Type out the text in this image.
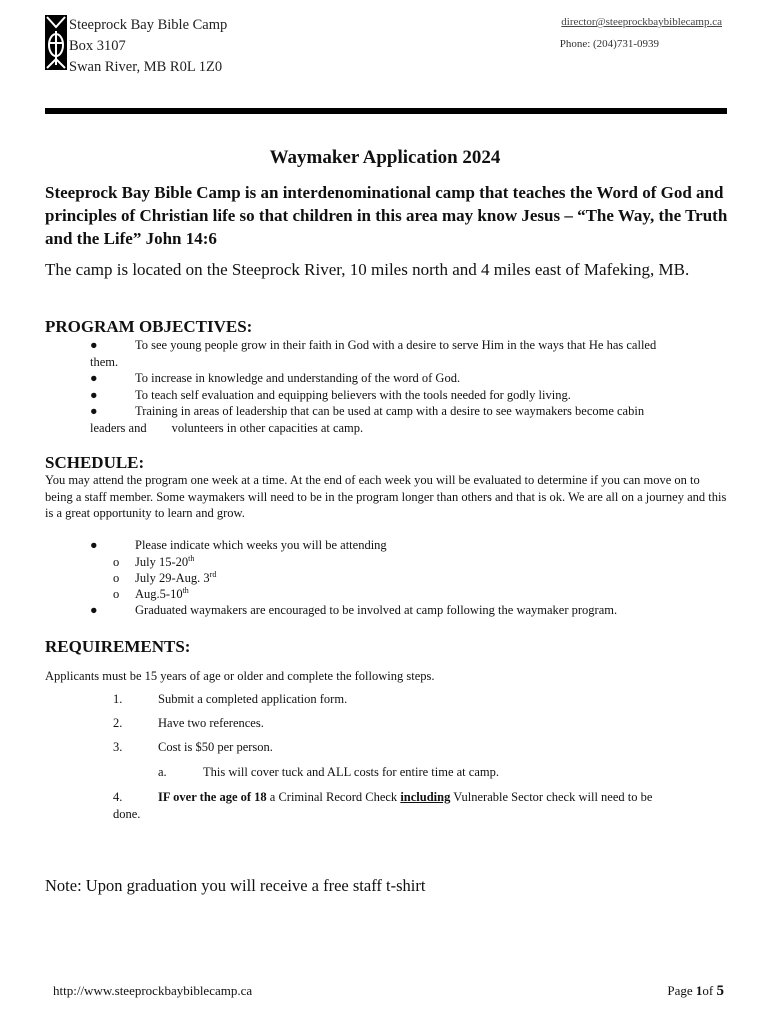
Steeprock Bay Bible Camp
Box 3107
Swan River, MB R0L 1Z0
director@steeprockbaybiblecamp.ca
Phone: (204)731-0939
Waymaker Application 2024
Steeprock Bay Bible Camp is an interdenominational camp that teaches the Word of God and principles of Christian life so that children in this area may know Jesus – “The Way, the Truth and the Life” John 14:6
The camp is located on the Steeprock River, 10 miles north and 4 miles east of Mafeking, MB.
PROGRAM OBJECTIVES:
●	To see young people grow in their faith in God with a desire to serve Him in the ways that He has called
them.
●	To increase in knowledge and understanding of the word of God.
●	To teach self evaluation and equipping believers with the tools needed for godly living.
●	Training in areas of leadership that can be used at camp with a desire to see waymakers become cabin
leaders and        volunteers in other capacities at camp.
SCHEDULE:
You may attend the program one week at a time. At the end of each week you will be evaluated to determine if you can move on to being a staff member. Some waymakers will need to be in the program longer than others and that is ok. We are all on a journey and this is a great opportunity to learn and grow.
●	Please indicate which weeks you will be attending
o July 15-20th
o July 29-Aug. 3rd
o Aug.5-10th
●	Graduated waymakers are encouraged to be involved at camp following the waymaker program.
REQUIREMENTS:
Applicants must be 15 years of age or older and complete the following steps.
1.	Submit a completed application form.
2.	Have two references.
3.	Cost is $50 per person.
a.	This will cover tuck and ALL costs for entire time at camp.
4.	IF over the age of 18 a Criminal Record Check including Vulnerable Sector check will need to be
done.
Note: Upon graduation you will receive a free staff t-shirt
http://www.steeprockbaybiblecamp.ca	Page 1of 5
